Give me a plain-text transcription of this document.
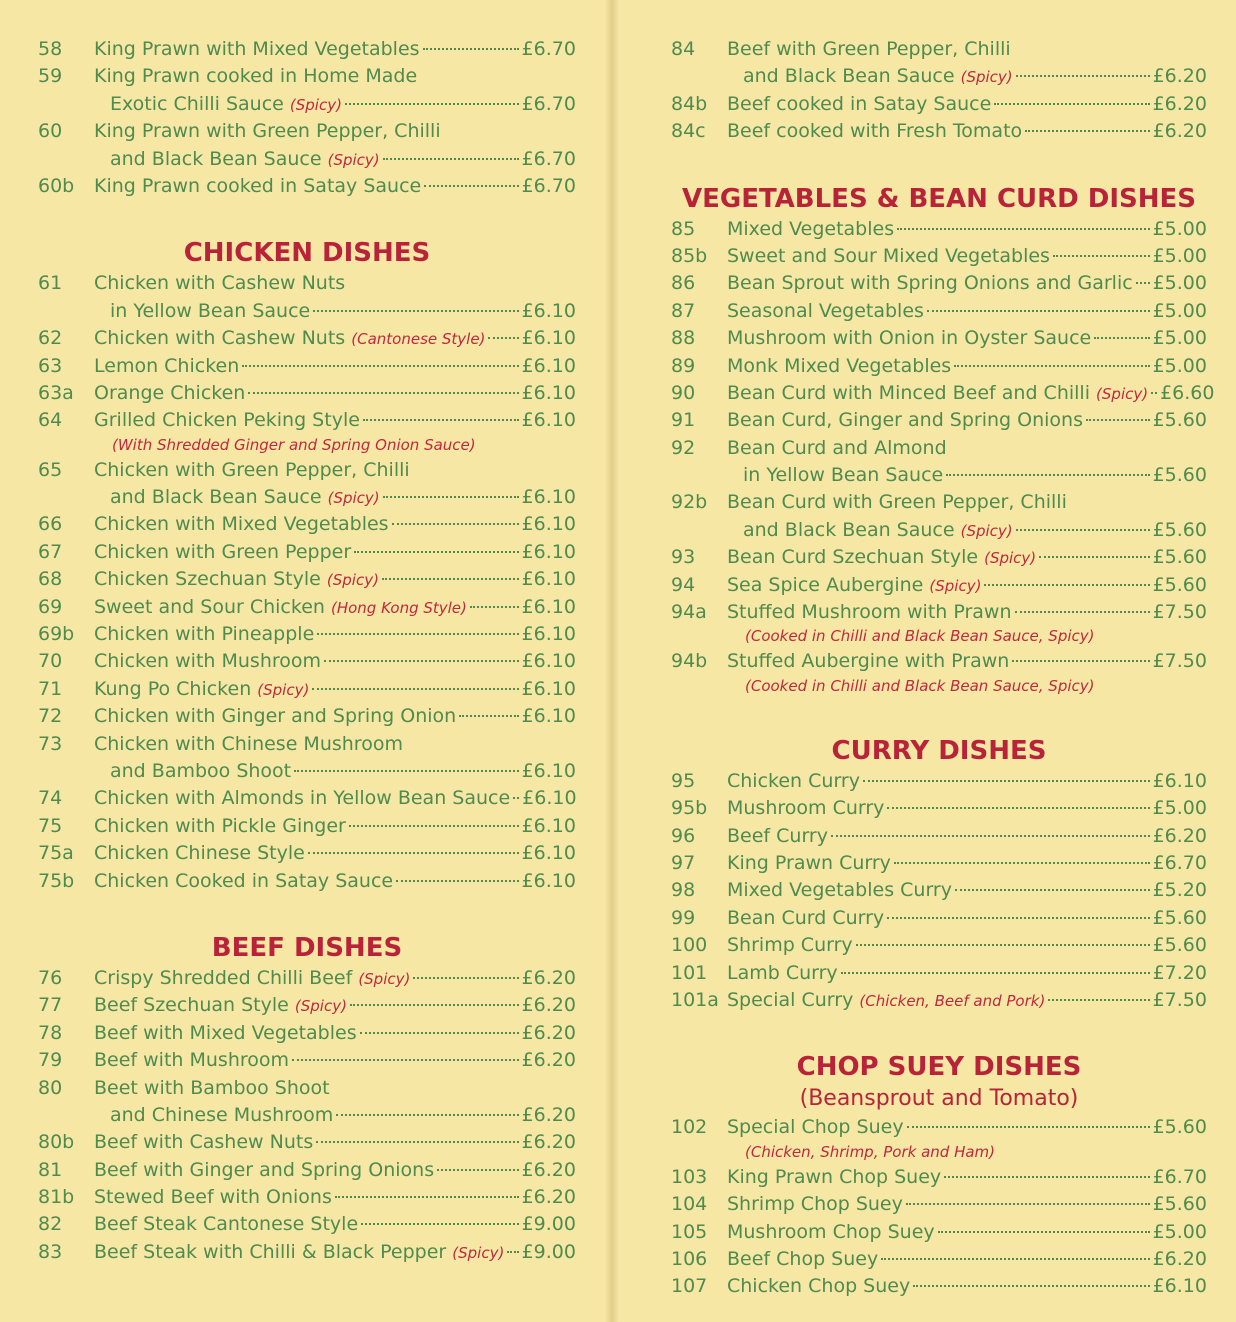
58	King Prawn with Mixed Vegetables	£6.70
59	King Prawn cooked in Home Made
Exotic Chilli Sauce
(Spicy)	£6.70
60	King Prawn with Green Pepper, Chilli
and Black Bean Sauce
(Spicy)	£6.70
60b	King Prawn cooked in Satay Sauce	£6.70
CHICKEN DISHES
61	Chicken with Cashew Nuts
in Yellow Bean Sauce	£6.10
62	Chicken with Cashew Nuts
(Cantonese Style) £6.10
63	Lemon Chicken	£6.10
63a	Orange Chicken	£6.10
64	Grilled Chicken Peking Style	£6.10
(With Shredded Ginger and Spring Onion Sauce)
65	Chicken with Green Pepper, Chilli
and Black Bean Sauce
(Spicy)	£6.10
66	Chicken with Mixed Vegetables	£6.10
67	Chicken with Green Pepper	£6.10
68	Chicken Szechuan Style
(Spicy)	£6.10
69	Sweet and Sour Chicken
(Hong Kong Style)	£6.10
69b	Chicken with Pineapple	£6.10
70	Chicken with Mushroom	£6.10
71	Kung Po Chicken
(Spicy)	£6.10
72	Chicken with Ginger and Spring Onion	£6.10
73	Chicken with Chinese Mushroom
and Bamboo Shoot	£6.10
74	Chicken with Almonds in Yellow Bean Sauce £6.10
75	Chicken with Pickle Ginger	£6.10
75a	Chicken Chinese Style	£6.10
75b	Chicken Cooked in Satay Sauce	£6.10
BEEF DISHES
76	Crispy Shredded Chilli Beef
(Spicy)	£6.20
77	Beef Szechuan Style
(Spicy)	£6.20
78	Beef with Mixed Vegetables	£6.20
79	Beef with Mushroom	£6.20
80	Beet with Bamboo Shoot
and Chinese Mushroom	£6.20
80b	Beef with Cashew Nuts	£6.20
81	Beef with Ginger and Spring Onions	£6.20
81b	Stewed Beef with Onions	£6.20
82	Beef Steak Cantonese Style	£9.00
83	Beef Steak with Chilli & Black Pepper
(Spicy) £9.00
84	Beef with Green Pepper, Chilli
and Black Bean Sauce
(Spicy)	£6.20
84b	Beef cooked in Satay Sauce	£6.20
84c	Beef cooked with Fresh Tomato	£6.20
VEGETABLES & BEAN CURD DISHES
85	Mixed Vegetables	£5.00
85b	Sweet and Sour Mixed Vegetables	£5.00
86	Bean Sprout with Spring Onions and Garlic £5.00
87	Seasonal Vegetables	£5.00
88	Mushroom with Onion in Oyster Sauce	£5.00
89	Monk Mixed Vegetables	£5.00
90	Bean Curd with Minced Beef and Chilli
(Spicy) £6.60
91	Bean Curd, Ginger and Spring Onions	£5.60
92	Bean Curd and Almond
in Yellow Bean Sauce	£5.60
92b	Bean Curd with Green Pepper, Chilli
and Black Bean Sauce
(Spicy)	£5.60
93	Bean Curd Szechuan Style
(Spicy)	£5.60
94	Sea Spice Aubergine
(Spicy)	£5.60
94a	Stuffed Mushroom with Prawn	£7.50
(Cooked in Chilli and Black Bean Sauce, Spicy)
94b	Stuffed Aubergine with Prawn	£7.50
(Cooked in Chilli and Black Bean Sauce, Spicy)
CURRY DISHES
95	Chicken Curry	£6.10
95b	Mushroom Curry	£5.00
96	Beef Curry	£6.20
97	King Prawn Curry	£6.70
98	Mixed Vegetables Curry	£5.20
99	Bean Curd Curry	£5.60
100	Shrimp Curry	£5.60
101	Lamb Curry	£7.20
101a Special Curry
(Chicken, Beef and Pork)	£7.50
CHOP SUEY DISHES
(Beansprout and Tomato)
102	Special Chop Suey	£5.60
(Chicken, Shrimp, Pork and Ham)
103	King Prawn Chop Suey	£6.70
104	Shrimp Chop Suey	£5.60
105	Mushroom Chop Suey	£5.00
106	Beef Chop Suey	£6.20
107	Chicken Chop Suey	£6.10
